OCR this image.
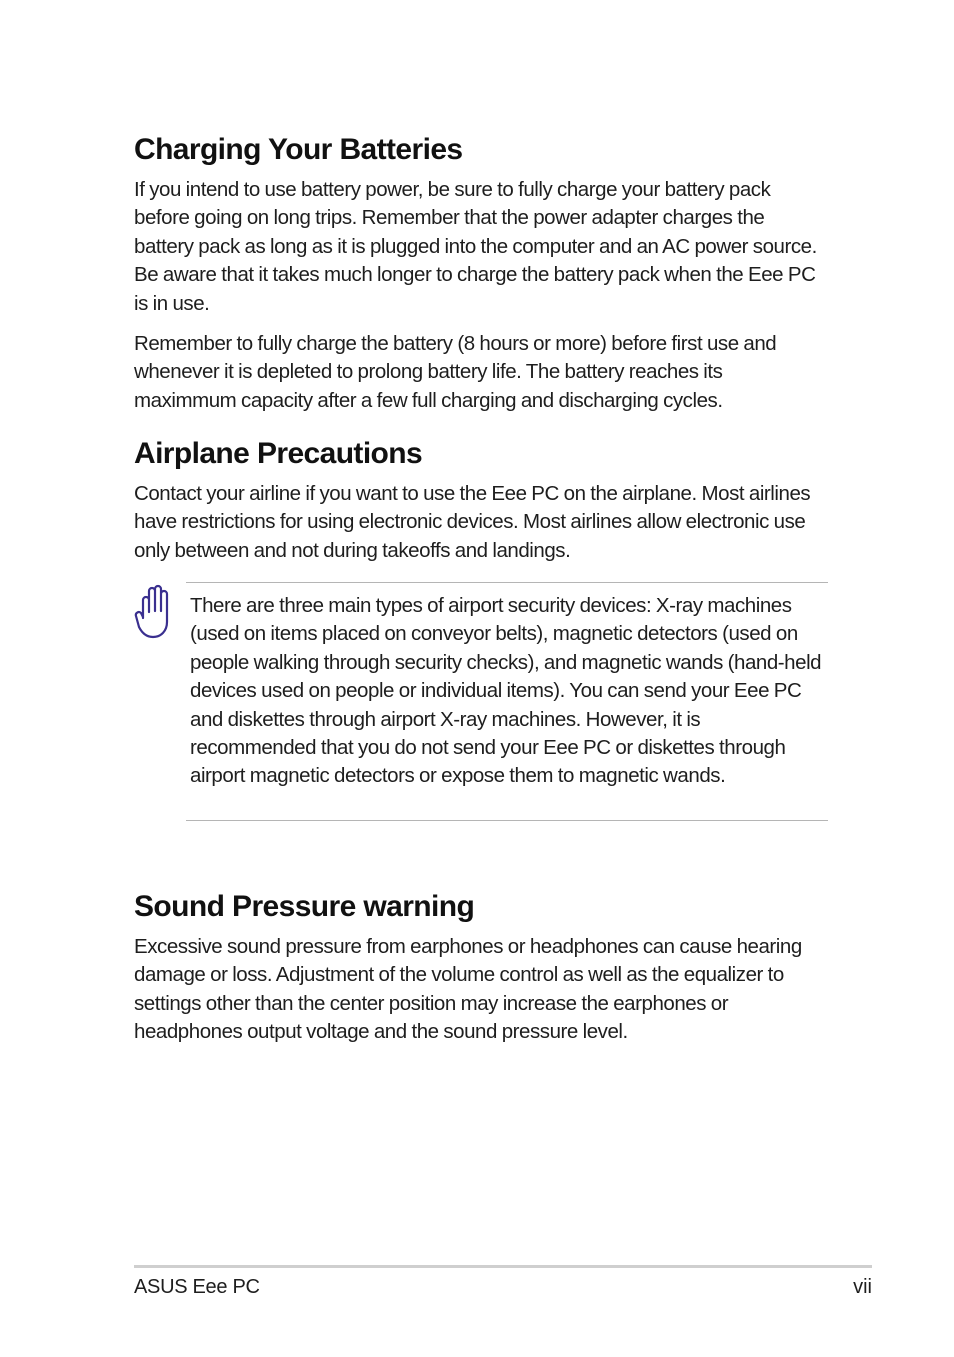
Charging Your Batteries

If you intend to use battery power, be sure to fully charge your battery pack before going on long trips. Remember that the power adapter charges the battery pack as long as it is plugged into the computer and an AC power source. Be aware that it takes much longer to charge the battery pack when the Eee PC is in use.

Remember to fully charge the battery (8 hours or more) before first use and whenever it is depleted to prolong battery life. The battery reaches its maximmum capacity after a few full charging and discharging cycles.

Airplane Precautions

Contact your airline if you want to use the Eee PC on the airplane. Most airlines have restrictions for using electronic devices. Most airlines allow electronic use only between and not during takeoffs and landings.

There are three main types of airport security devices: X-ray machines (used on items placed on conveyor belts), magnetic detectors (used on people walking through security checks), and magnetic wands (hand-held devices used on people or individual items). You can send your Eee PC and diskettes through airport X-ray machines. However, it is recommended that you do not send your Eee PC or diskettes through airport magnetic detectors or expose them to magnetic wands.

Sound Pressure warning

Excessive sound pressure from earphones or headphones can cause hearing damage or loss. Adjustment of the volume control as well as the equalizer to settings other than the center position may increase the earphones or headphones output voltage and the sound pressure level.

ASUS Eee PC	vii
